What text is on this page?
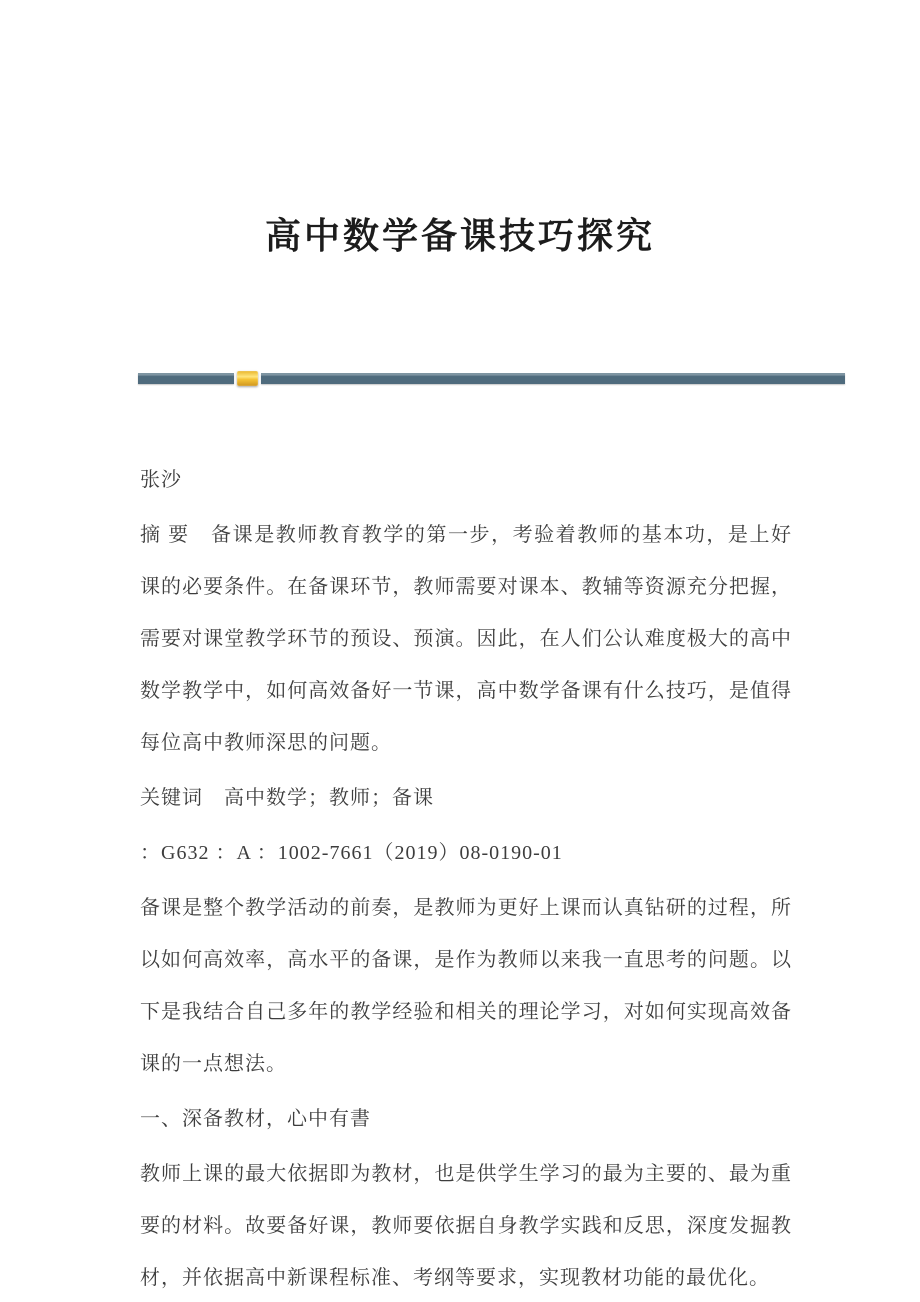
高中数学备课技巧探究

张沙

摘 要　备课是教师教育教学的第一步，考验着教师的基本功，是上好课的必要条件。在备课环节，教师需要对课本、教辅等资源充分把握，需要对课堂教学环节的预设、预演。因此，在人们公认难度极大的高中数学教学中，如何高效备好一节课，高中数学备课有什么技巧，是值得每位高中教师深思的问题。

关键词　高中数学；教师；备课

：G632 ：A ：1002-7661（2019）08-0190-01

备课是整个教学活动的前奏，是教师为更好上课而认真钻研的过程，所以如何高效率，高水平的备课，是作为教师以来我一直思考的问题。以下是我结合自己多年的教学经验和相关的理论学习，对如何实现高效备课的一点想法。

一、深备教材，心中有書

教师上课的最大依据即为教材，也是供学生学习的最为主要的、最为重要的材料。故要备好课，教师要依据自身教学实践和反思，深度发掘教材，并依据高中新课程标准、考纲等要求，实现教材功能的最优化。
